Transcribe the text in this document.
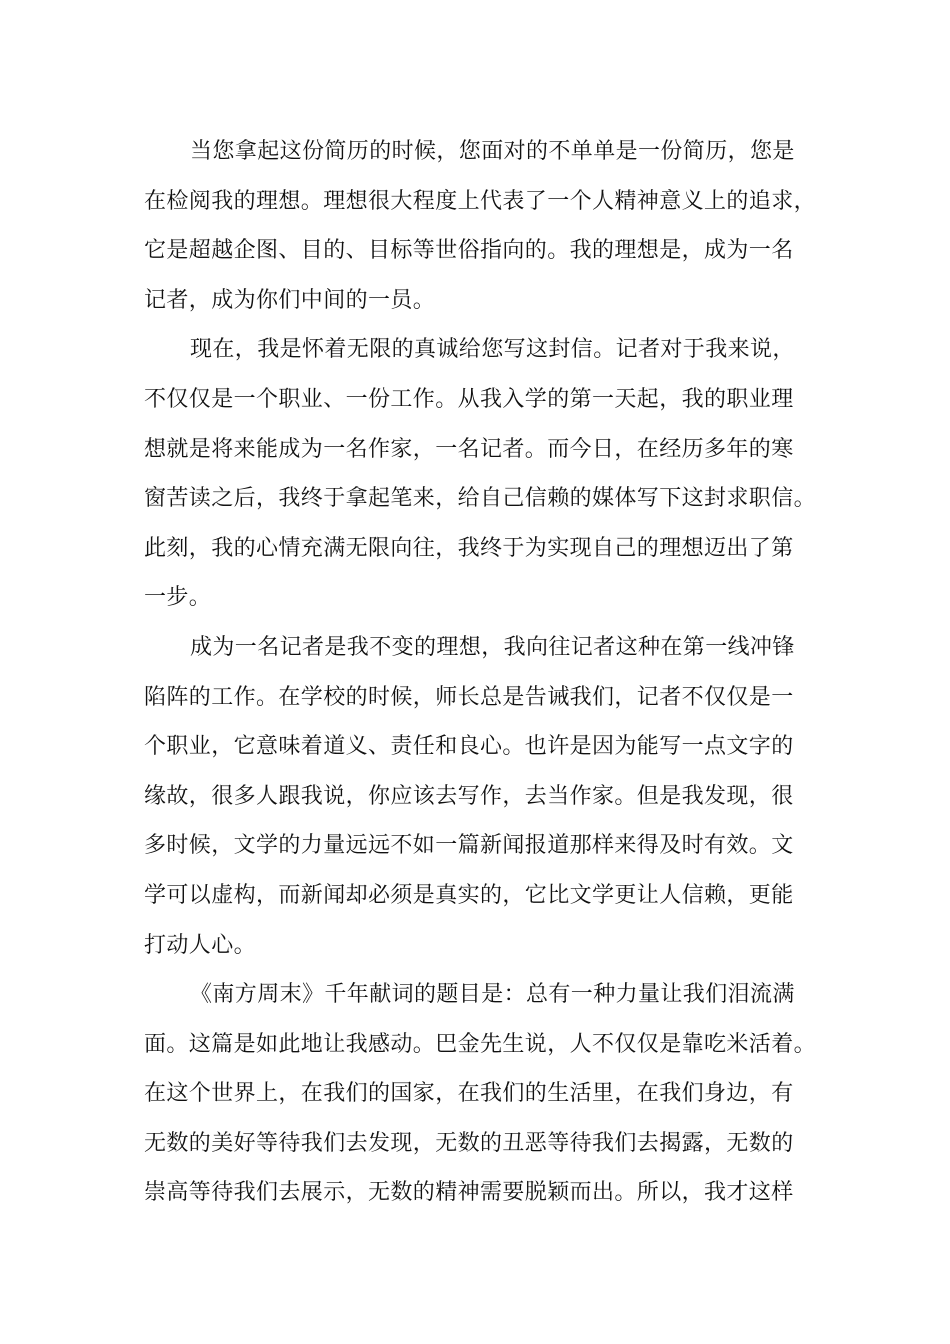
当您拿起这份简历的时候，您面对的不单单是一份简历，您是
在检阅我的理想。理想很大程度上代表了一个人精神意义上的追求，
它是超越企图、目的、目标等世俗指向的。我的理想是，成为一名
记者，成为你们中间的一员。
现在，我是怀着无限的真诚给您写这封信。记者对于我来说，
不仅仅是一个职业、一份工作。从我入学的第一天起，我的职业理
想就是将来能成为一名作家，一名记者。而今日，在经历多年的寒
窗苦读之后，我终于拿起笔来，给自己信赖的媒体写下这封求职信。
此刻，我的心情充满无限向往，我终于为实现自己的理想迈出了第
一步。
成为一名记者是我不变的理想，我向往记者这种在第一线冲锋
陷阵的工作。在学校的时候，师长总是告诫我们，记者不仅仅是一
个职业，它意味着道义、责任和良心。也许是因为能写一点文字的
缘故，很多人跟我说，你应该去写作，去当作家。但是我发现，很
多时候，文学的力量远远不如一篇新闻报道那样来得及时有效。文
学可以虚构，而新闻却必须是真实的，它比文学更让人信赖，更能
打动人心。
《南方周末》千年献词的题目是：总有一种力量让我们泪流满
面。这篇是如此地让我感动。巴金先生说，人不仅仅是靠吃米活着。
在这个世界上，在我们的国家，在我们的生活里，在我们身边，有
无数的美好等待我们去发现，无数的丑恶等待我们去揭露，无数的
崇高等待我们去展示，无数的精神需要脱颖而出。所以，我才这样
